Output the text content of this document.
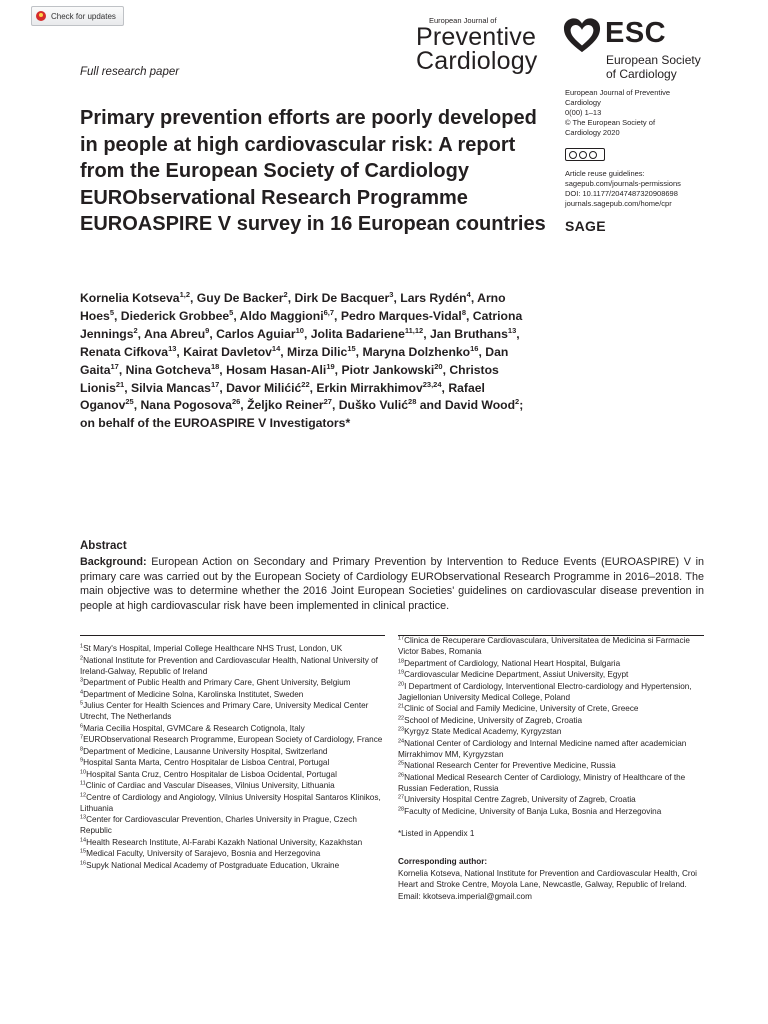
Check for updates
Full research paper
European Journal of
Preventive
Cardiology
ESC
European Society
of Cardiology
European Journal of Preventive
Cardiology
0(00) 1–13
© The European Society of
Cardiology 2020
Article reuse guidelines:
sagepub.com/journals-permissions
DOI: 10.1177/2047487320908698
journals.sagepub.com/home/cpr
SAGE
Primary prevention efforts are poorly developed in people at high cardiovascular risk: A report from the European Society of Cardiology EURObservational Research Programme EUROASPIRE V survey in 16 European countries
Kornelia Kotseva$^{1,2}$, Guy De Backer$^2$, Dirk De Bacquer$^3$, Lars Rydén$^4$, Arno Hoes$^5$, Diederick Grobbee$^5$, Aldo Maggioni$^{6,7}$, Pedro Marques-Vidal$^8$, Catriona Jennings$^2$, Ana Abreu$^9$, Carlos Aguiar$^{10}$, Jolita Badariene$^{11,12}$, Jan Bruthans$^{13}$, Renata Cifkova$^{13}$, Kairat Davletov$^{14}$, Mirza Dilic$^{15}$, Maryna Dolzhenko$^{16}$, Dan Gaita$^{17}$, Nina Gotcheva$^{18}$, Hosam Hasan-Ali$^{19}$, Piotr Jankowski$^{20}$, Christos Lionis$^{21}$, Silvia Mancas$^{17}$, Davor Milićić$^{22}$, Erkin Mirrakhimov$^{23,24}$, Rafael Oganov$^{25}$, Nana Pogosova$^{26}$, Željko Reiner$^{27}$, Duško Vulić$^{28}$ and David Wood$^2$; on behalf of the EUROASPIRE V Investigators*
Abstract
Background: European Action on Secondary and Primary Prevention by Intervention to Reduce Events (EUROASPIRE) V in primary care was carried out by the European Society of Cardiology EURObservational Research Programme in 2016–2018. The main objective was to determine whether the 2016 Joint European Societies' guidelines on cardiovascular disease prevention in people at high cardiovascular risk have been implemented in clinical practice.
$^1$St Mary's Hospital, Imperial College Healthcare NHS Trust, London, UK
$^2$National Institute for Prevention and Cardiovascular Health, National University of Ireland-Galway, Republic of Ireland
$^3$Department of Public Health and Primary Care, Ghent University, Belgium
$^4$Department of Medicine Solna, Karolinska Institutet, Sweden
$^5$Julius Center for Health Sciences and Primary Care, University Medical Center Utrecht, The Netherlands
$^6$Maria Cecilia Hospital, GVMCare & Research Cotignola, Italy
$^7$EURObservational Research Programme, European Society of Cardiology, France
$^8$Department of Medicine, Lausanne University Hospital, Switzerland
$^9$Hospital Santa Marta, Centro Hospitalar de Lisboa Central, Portugal
$^{10}$Hospital Santa Cruz, Centro Hospitalar de Lisboa Ocidental, Portugal
$^{11}$Clinic of Cardiac and Vascular Diseases, Vilnius University, Lithuania
$^{12}$Centre of Cardiology and Angiology, Vilnius University Hospital Santaros Klinikos, Lithuania
$^{13}$Center for Cardiovascular Prevention, Charles University in Prague, Czech Republic
$^{14}$Health Research Institute, Al-Farabi Kazakh National University, Kazakhstan
$^{15}$Medical Faculty, University of Sarajevo, Bosnia and Herzegovina
$^{16}$Supyk National Medical Academy of Postgraduate Education, Ukraine
$^{17}$Clinica de Recuperare Cardiovasculara, Universitatea de Medicina si Farmacie Victor Babes, Romania
$^{18}$Department of Cardiology, National Heart Hospital, Bulgaria
$^{19}$Cardiovascular Medicine Department, Assiut University, Egypt
$^{20}$I Department of Cardiology, Interventional Electro-cardiology and Hypertension, Jagiellonian University Medical College, Poland
$^{21}$Clinic of Social and Family Medicine, University of Crete, Greece
$^{22}$School of Medicine, University of Zagreb, Croatia
$^{23}$Kyrgyz State Medical Academy, Kyrgyzstan
$^{24}$National Center of Cardiology and Internal Medicine named after academician Mirrakhimov MM, Kyrgyzstan
$^{25}$National Research Center for Preventive Medicine, Russia
$^{26}$National Medical Research Center of Cardiology, Ministry of Healthcare of the Russian Federation, Russia
$^{27}$University Hospital Centre Zagreb, University of Zagreb, Croatia
$^{28}$Faculty of Medicine, University of Banja Luka, Bosnia and Herzegovina
*Listed in Appendix 1
Corresponding author:
Kornelia Kotseva, National Institute for Prevention and Cardiovascular Health, Croi Heart and Stroke Centre, Moyola Lane, Newcastle, Galway, Republic of Ireland.
Email: kkotseva.imperial@gmail.com
